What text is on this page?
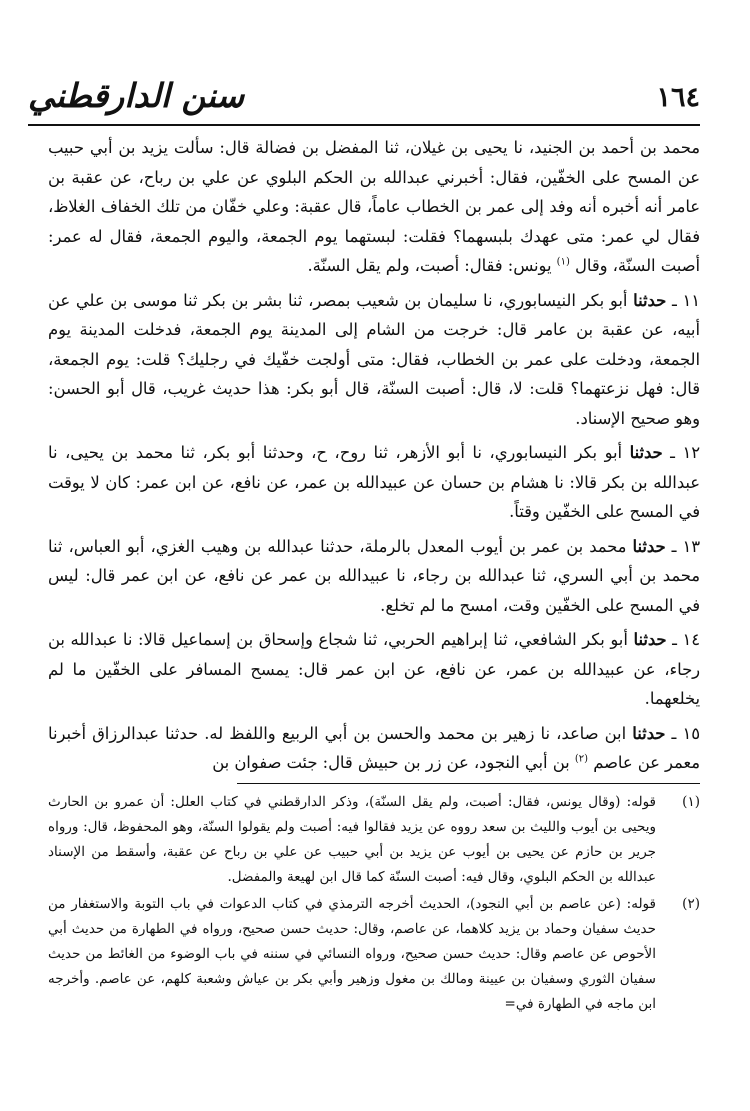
سنن الدارقطني	١٦٤

محمد بن أحمد بن الجنيد، نا يحيى بن غيلان، ثنا المفضل بن فضالة قال: سألت يزيد بن أبي حبيب عن المسح على الخفّين، فقال: أخبرني عبدالله بن الحكم البلوي عن علي بن رباح، عن عقبة بن عامر أنه أخبره أنه وفد إلى عمر بن الخطاب عاماً، قال عقبة: وعلي خفّان من تلك الخفاف الغلاظ، فقال لي عمر: متى عهدك بلبسهما؟ فقلت: لبستهما يوم الجمعة، واليوم الجمعة، فقال له عمر: أصبت السنّة، وقال $^{(١)}$ يونس: فقال: أصبت، ولم يقل السنّة.

١١ ـ حدثنا أبو بكر النيسابوري، نا سليمان بن شعيب بمصر، ثنا بشر بن بكر ثنا موسى بن علي عن أبيه، عن عقبة بن عامر قال: خرجت من الشام إلى المدينة يوم الجمعة، فدخلت المدينة يوم الجمعة، ودخلت على عمر بن الخطاب، فقال: متى أولجت خفّيك في رجليك؟ قلت: يوم الجمعة، قال: فهل نزعتهما؟ قلت: لا، قال: أصبت السنّة، قال أبو بكر: هذا حديث غريب، قال أبو الحسن: وهو صحيح الإسناد.

١٢ ـ حدثنا أبو بكر النيسابوري، نا أبو الأزهر، ثنا روح، ح، وحدثنا أبو بكر، ثنا محمد بن يحيى، نا عبدالله بن بكر قالا: نا هشام بن حسان عن عبيدالله بن عمر، عن نافع، عن ابن عمر: كان لا يوقت في المسح على الخفّين وقتاً.

١٣ ـ حدثنا محمد بن عمر بن أيوب المعدل بالرملة، حدثنا عبدالله بن وهيب الغزي، أبو العباس، ثنا محمد بن أبي السري، ثنا عبدالله بن رجاء، نا عبيدالله بن عمر عن نافع، عن ابن عمر قال: ليس في المسح على الخفّين وقت، امسح ما لم تخلع.

١٤ ـ حدثنا أبو بكر الشافعي، ثنا إبراهيم الحربي، ثنا شجاع وإسحاق بن إسماعيل قالا: نا عبدالله بن رجاء، عن عبيدالله بن عمر، عن نافع، عن ابن عمر قال: يمسح المسافر على الخفّين ما لم يخلعهما.

١٥ ـ حدثنا ابن صاعد، نا زهير بن محمد والحسن بن أبي الربيع واللفظ له. حدثنا عبدالرزاق أخبرنا معمر عن عاصم $^{(٢)}$ بن أبي النجود، عن زر بن حبيش قال: جئت صفوان بن

(١)
قوله: (وقال يونس، فقال: أصبت، ولم يقل السنّة)، وذكر الدارقطني في كتاب العلل: أن عمرو بن الحارث ويحيى بن أيوب والليث بن سعد رووه عن يزيد فقالوا فيه: أصبت ولم يقولوا السنّة، وهو المحفوظ، قال: ورواه جرير بن حازم عن يحيى بن أيوب عن يزيد بن أبي حبيب عن علي بن رباح عن عقبة، وأسقط من الإسناد عبدالله بن الحكم البلوي، وقال فيه: أصبت السنّة كما قال ابن لهيعة والمفضل.
(٢)
قوله: (عن عاصم بن أبي النجود)، الحديث أخرجه الترمذي في كتاب الدعوات في باب التوبة والاستغفار من حديث سفيان وحماد بن يزيد كلاهما، عن عاصم، وقال: حديث حسن صحيح، ورواه في الطهارة من حديث أبي الأحوص عن عاصم وقال: حديث حسن صحيح، ورواه النسائي في سننه في باب الوضوء من الغائط من حديث سفيان الثوري وسفيان بن عيينة ومالك بن مغول وزهير وأبي بكر بن عياش وشعبة كلهم، عن عاصم. وأخرجه ابن ماجه في الطهارة في=
